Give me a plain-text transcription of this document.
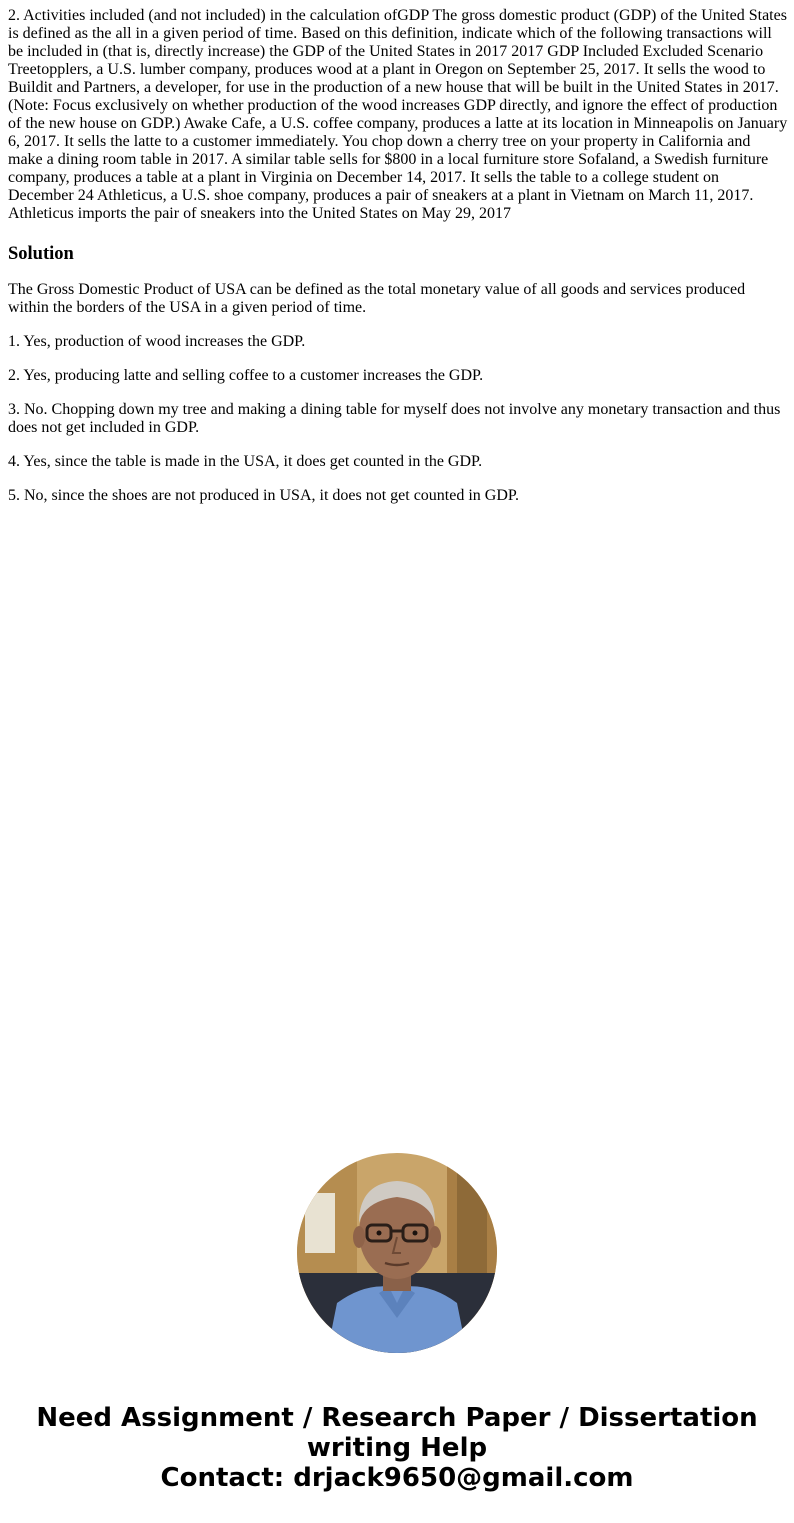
2. Activities included (and not included) in the calculation ofGDP The gross domestic product (GDP) of the United States is defined as the all in a given period of time. Based on this definition, indicate which of the following transactions will be included in (that is, directly increase) the GDP of the United States in 2017 2017 GDP Included Excluded Scenario Treetopplers, a U.S. lumber company, produces wood at a plant in Oregon on September 25, 2017. It sells the wood to Buildit and Partners, a developer, for use in the production of a new house that will be built in the United States in 2017. (Note: Focus exclusively on whether production of the wood increases GDP directly, and ignore the effect of production of the new house on GDP.) Awake Cafe, a U.S. coffee company, produces a latte at its location in Minneapolis on January 6, 2017. It sells the latte to a customer immediately. You chop down a cherry tree on your property in California and make a dining room table in 2017. A similar table sells for $800 in a local furniture store Sofaland, a Swedish furniture company, produces a table at a plant in Virginia on December 14, 2017. It sells the table to a college student on December 24 Athleticus, a U.S. shoe company, produces a pair of sneakers at a plant in Vietnam on March 11, 2017. Athleticus imports the pair of sneakers into the United States on May 29, 2017

Solution

The Gross Domestic Product of USA can be defined as the total monetary value of all goods and services produced within the borders of the USA in a given period of time.

1. Yes, production of wood increases the GDP.

2. Yes, producing latte and selling coffee to a customer increases the GDP.

3. No. Chopping down my tree and making a dining table for myself does not involve any monetary transaction and thus does not get included in GDP.

4. Yes, since the table is made in the USA, it does get counted in the GDP.

5. No, since the shoes are not produced in USA, it does not get counted in GDP.

Need Assignment / Research Paper / Dissertation
writing Help
Contact: drjack9650@gmail.com
